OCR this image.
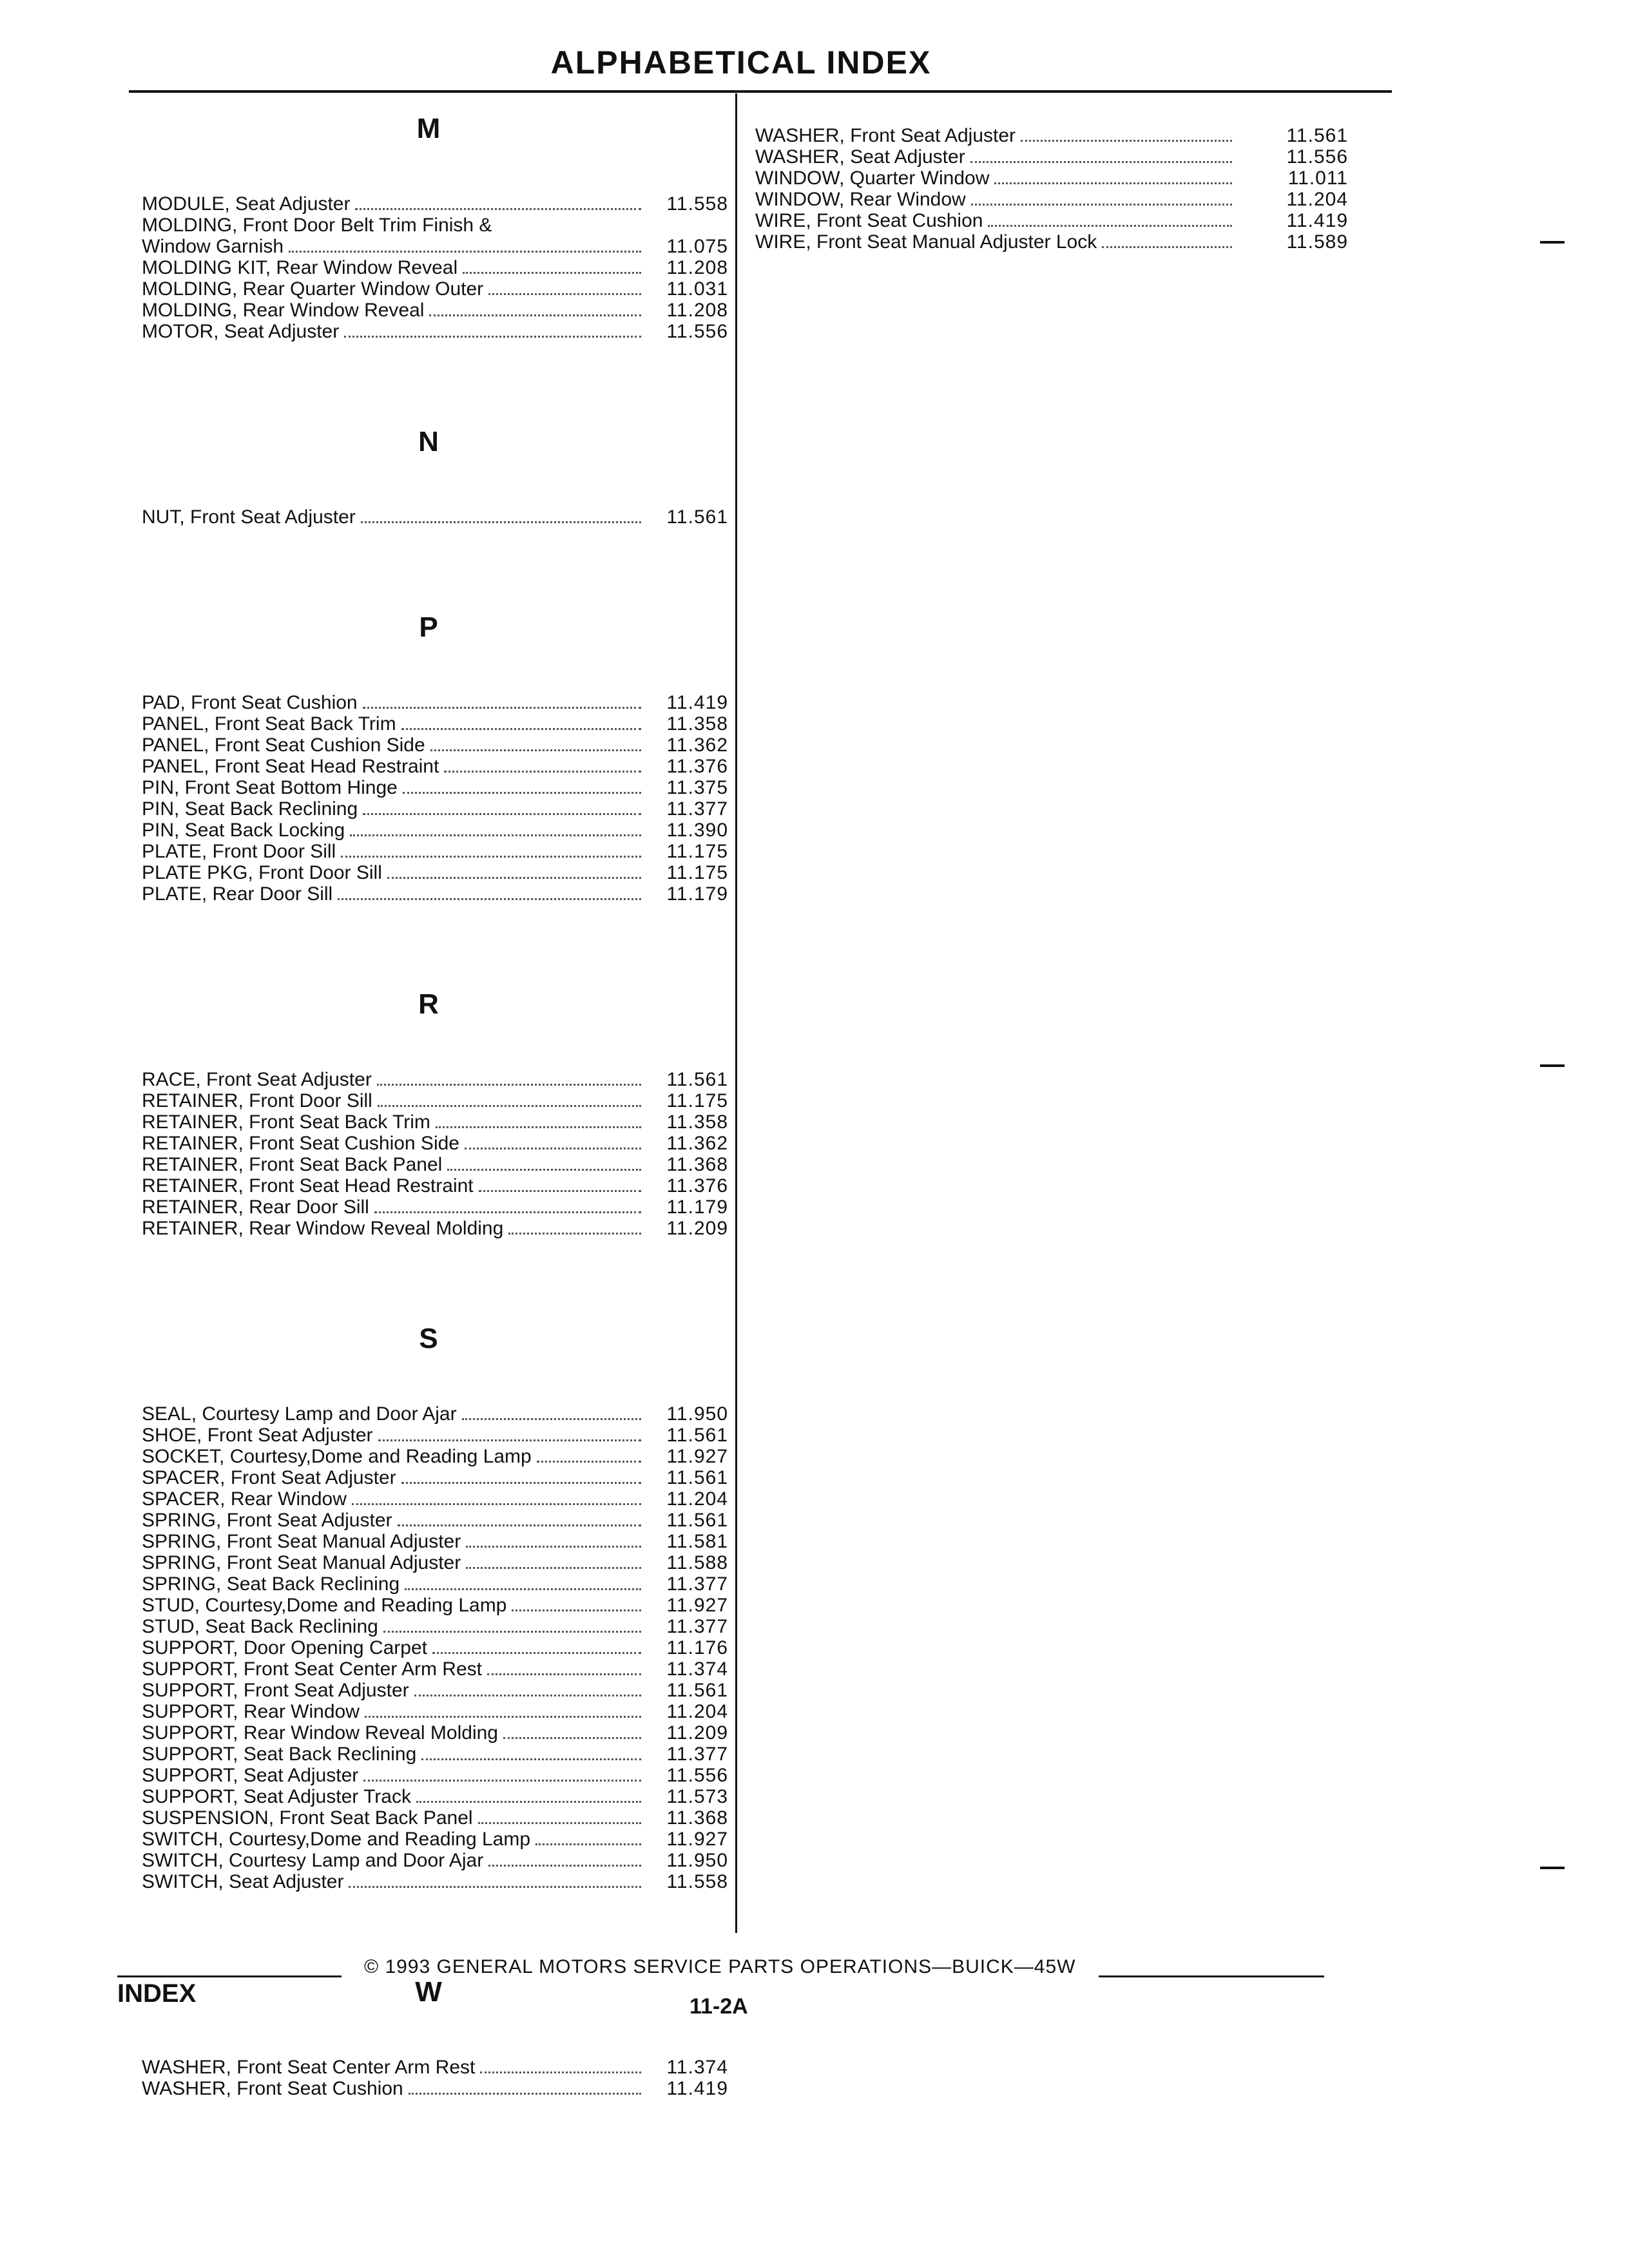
ALPHABETICAL INDEX
M
MODULE, Seat Adjuster	11.558
MOLDING, Front Door Belt Trim Finish &
Window Garnish	11.075
MOLDING KIT, Rear Window Reveal	11.208
MOLDING, Rear Quarter Window Outer	11.031
MOLDING, Rear Window Reveal	11.208
MOTOR, Seat Adjuster	11.556
N
NUT, Front Seat Adjuster	11.561
P
PAD, Front Seat Cushion	11.419
PANEL, Front Seat Back Trim	11.358
PANEL, Front Seat Cushion Side	11.362
PANEL, Front Seat Head Restraint	11.376
PIN, Front Seat Bottom Hinge	11.375
PIN, Seat Back Reclining	11.377
PIN, Seat Back Locking	11.390
PLATE, Front Door Sill	11.175
PLATE PKG, Front Door Sill	11.175
PLATE, Rear Door Sill	11.179
R
RACE, Front Seat Adjuster	11.561
RETAINER, Front Door Sill	11.175
RETAINER, Front Seat Back Trim	11.358
RETAINER, Front Seat Cushion Side	11.362
RETAINER, Front Seat Back Panel	11.368
RETAINER, Front Seat Head Restraint	11.376
RETAINER, Rear Door Sill	11.179
RETAINER, Rear Window Reveal Molding	11.209
S
SEAL, Courtesy Lamp and Door Ajar	11.950
SHOE, Front Seat Adjuster	11.561
SOCKET, Courtesy,Dome and Reading Lamp	11.927
SPACER, Front Seat Adjuster	11.561
SPACER, Rear Window	11.204
SPRING, Front Seat Adjuster	11.561
SPRING, Front Seat Manual Adjuster	11.581
SPRING, Front Seat Manual Adjuster	11.588
SPRING, Seat Back Reclining	11.377
STUD, Courtesy,Dome and Reading Lamp	11.927
STUD, Seat Back Reclining	11.377
SUPPORT, Door Opening Carpet	11.176
SUPPORT, Front Seat Center Arm Rest	11.374
SUPPORT, Front Seat Adjuster	11.561
SUPPORT, Rear Window	11.204
SUPPORT, Rear Window Reveal Molding	11.209
SUPPORT, Seat Back Reclining	11.377
SUPPORT, Seat Adjuster	11.556
SUPPORT, Seat Adjuster Track	11.573
SUSPENSION, Front Seat Back Panel	11.368
SWITCH, Courtesy,Dome and Reading Lamp	11.927
SWITCH, Courtesy Lamp and Door Ajar	11.950
SWITCH, Seat Adjuster	11.558
W
WASHER, Front Seat Center Arm Rest	11.374
WASHER, Front Seat Cushion	11.419
WASHER, Front Seat Adjuster	11.561
WASHER, Seat Adjuster	11.556
WINDOW, Quarter Window	11.011
WINDOW, Rear Window	11.204
WIRE, Front Seat Cushion	11.419
WIRE, Front Seat Manual Adjuster Lock	11.589
© 1993 GENERAL MOTORS SERVICE PARTS OPERATIONS—BUICK—45W
INDEX	11-2A
